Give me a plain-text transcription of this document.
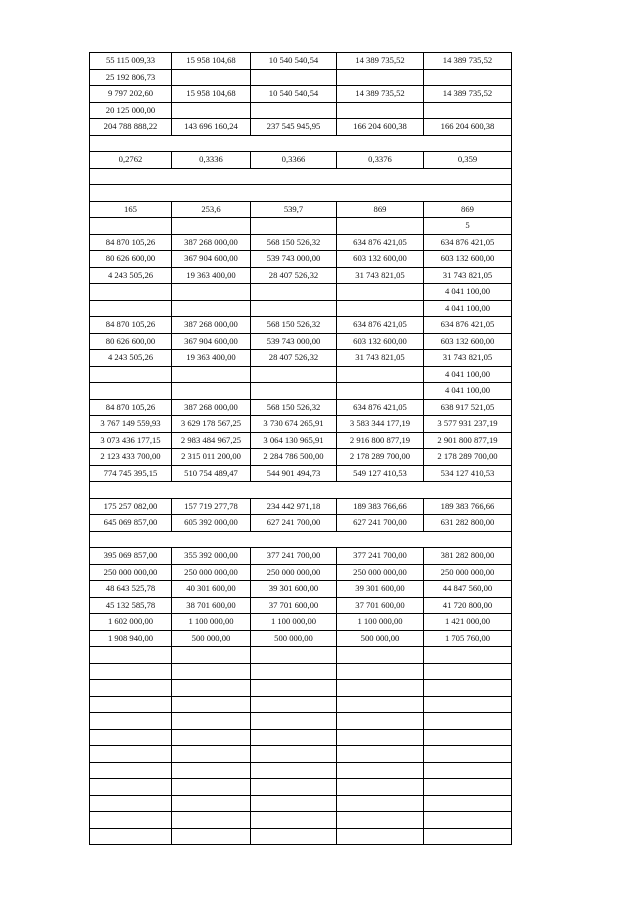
55 115 009,33	15 958 104,68	10 540 540,54	14 389 735,52	14 389 735,52
25 192 806,73				
9 797 202,60	15 958 104,68	10 540 540,54	14 389 735,52	14 389 735,52
20 125 000,00				
204 788 888,22	143 696 160,24	237 545 945,95	166 204 600,38	166 204 600,38

0,2762	0,3336	0,3366	0,3376	0,359

165	253,6	539,7	869	869
				5
84 870 105,26	387 268 000,00	568 150 526,32	634 876 421,05	634 876 421,05
80 626 600,00	367 904 600,00	539 743 000,00	603 132 600,00	603 132 600,00
4 243 505,26	19 363 400,00	28 407 526,32	31 743 821,05	31 743 821,05
				4 041 100,00
				4 041 100,00
84 870 105,26	387 268 000,00	568 150 526,32	634 876 421,05	634 876 421,05
80 626 600,00	367 904 600,00	539 743 000,00	603 132 600,00	603 132 600,00
4 243 505,26	19 363 400,00	28 407 526,32	31 743 821,05	31 743 821,05
				4 041 100,00
				4 041 100,00
84 870 105,26	387 268 000,00	568 150 526,32	634 876 421,05	638 917 521,05
3 767 149 559,93	3 629 178 567,25	3 730 674 265,91	3 583 344 177,19	3 577 931 237,19
3 073 436 177,15	2 983 484 967,25	3 064 130 965,91	2 916 800 877,19	2 901 800 877,19
2 123 433 700,00	2 315 011 200,00	2 284 786 500,00	2 178 289 700,00	2 178 289 700,00
774 745 395,15	510 754 489,47	544 901 494,73	549 127 410,53	534 127 410,53

175 257 082,00	157 719 277,78	234 442 971,18	189 383 766,66	189 383 766,66
645 069 857,00	605 392 000,00	627 241 700,00	627 241 700,00	631 282 800,00

395 069 857,00	355 392 000,00	377 241 700,00	377 241 700,00	381 282 800,00
250 000 000,00	250 000 000,00	250 000 000,00	250 000 000,00	250 000 000,00
48 643 525,78	40 301 600,00	39 301 600,00	39 301 600,00	44 847 560,00
45 132 585,78	38 701 600,00	37 701 600,00	37 701 600,00	41 720 800,00
1 602 000,00	1 100 000,00	1 100 000,00	1 100 000,00	1 421 000,00
1 908 940,00	500 000,00	500 000,00	500 000,00	1 705 760,00
